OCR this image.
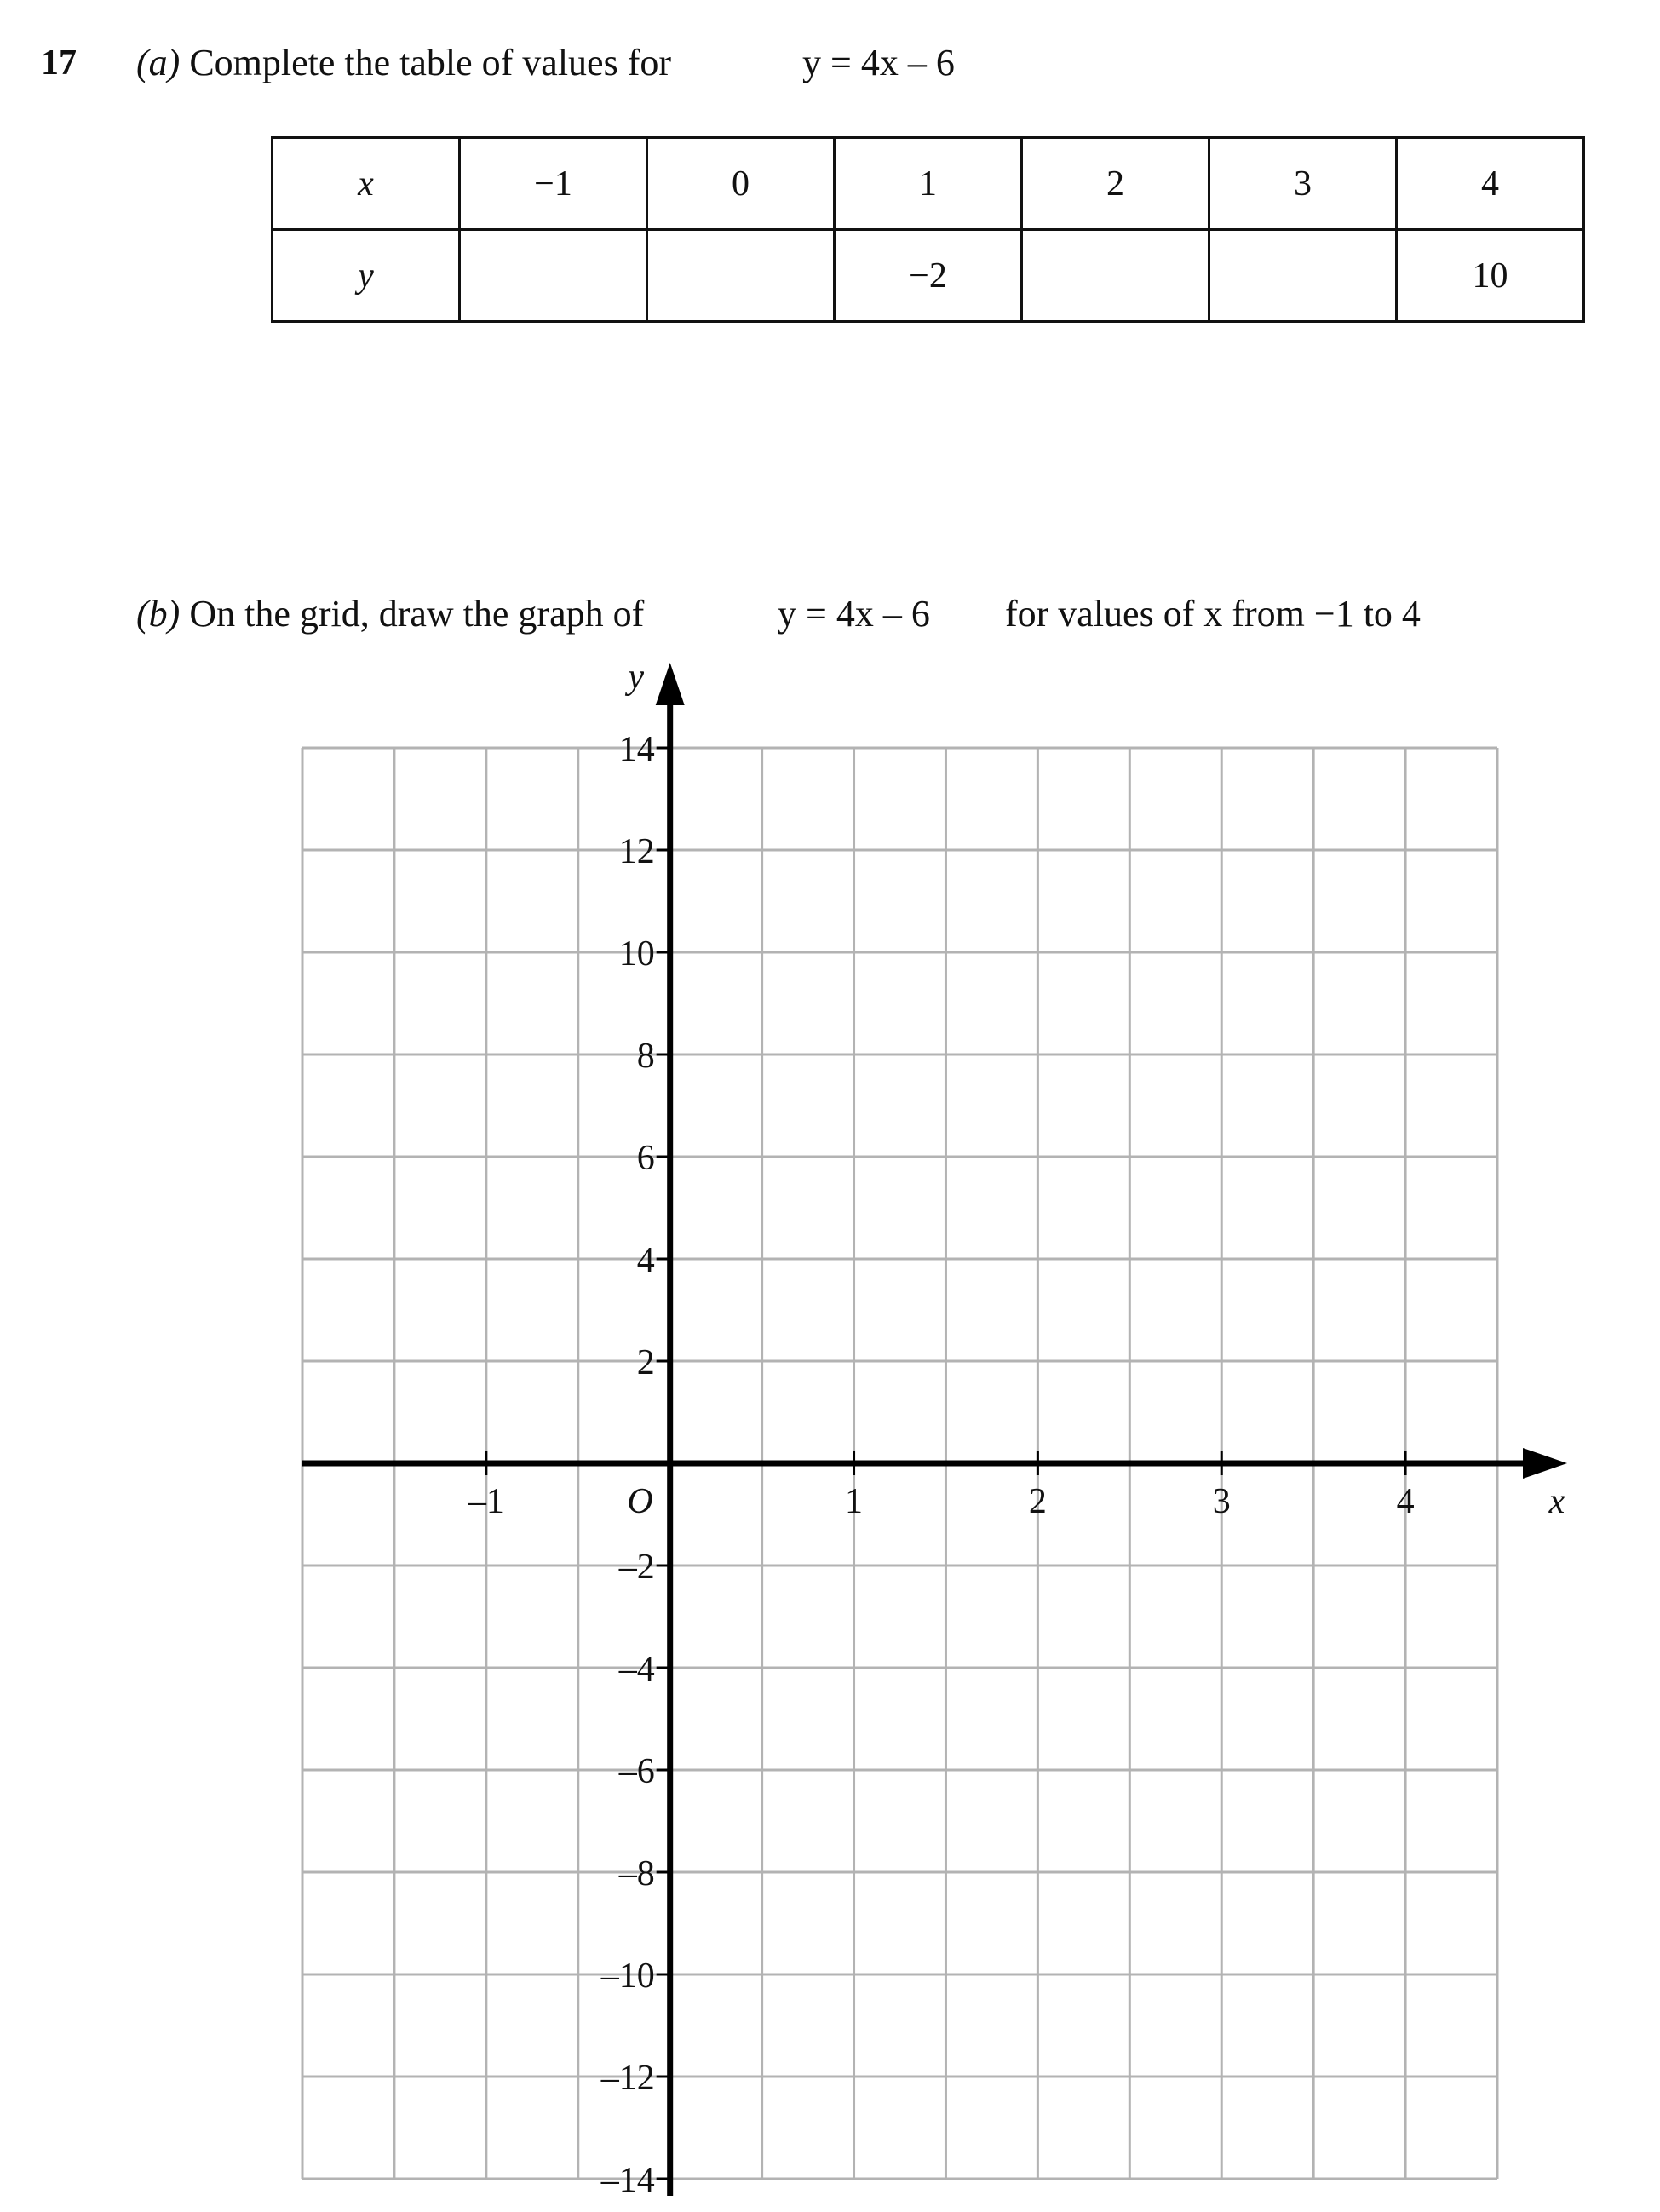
17 (a) Complete the table of values for	y = 4x – 6
x	−1	0	1	2	3	4
y			−2			10
(b) On the grid, draw the graph of	y = 4x – 6 for values of x from −1 to 4
–1	1	2	3	4
14
12
10
8
6
4
2
–2
–4
–6
–8
–10
–12
–14
O	x
y
